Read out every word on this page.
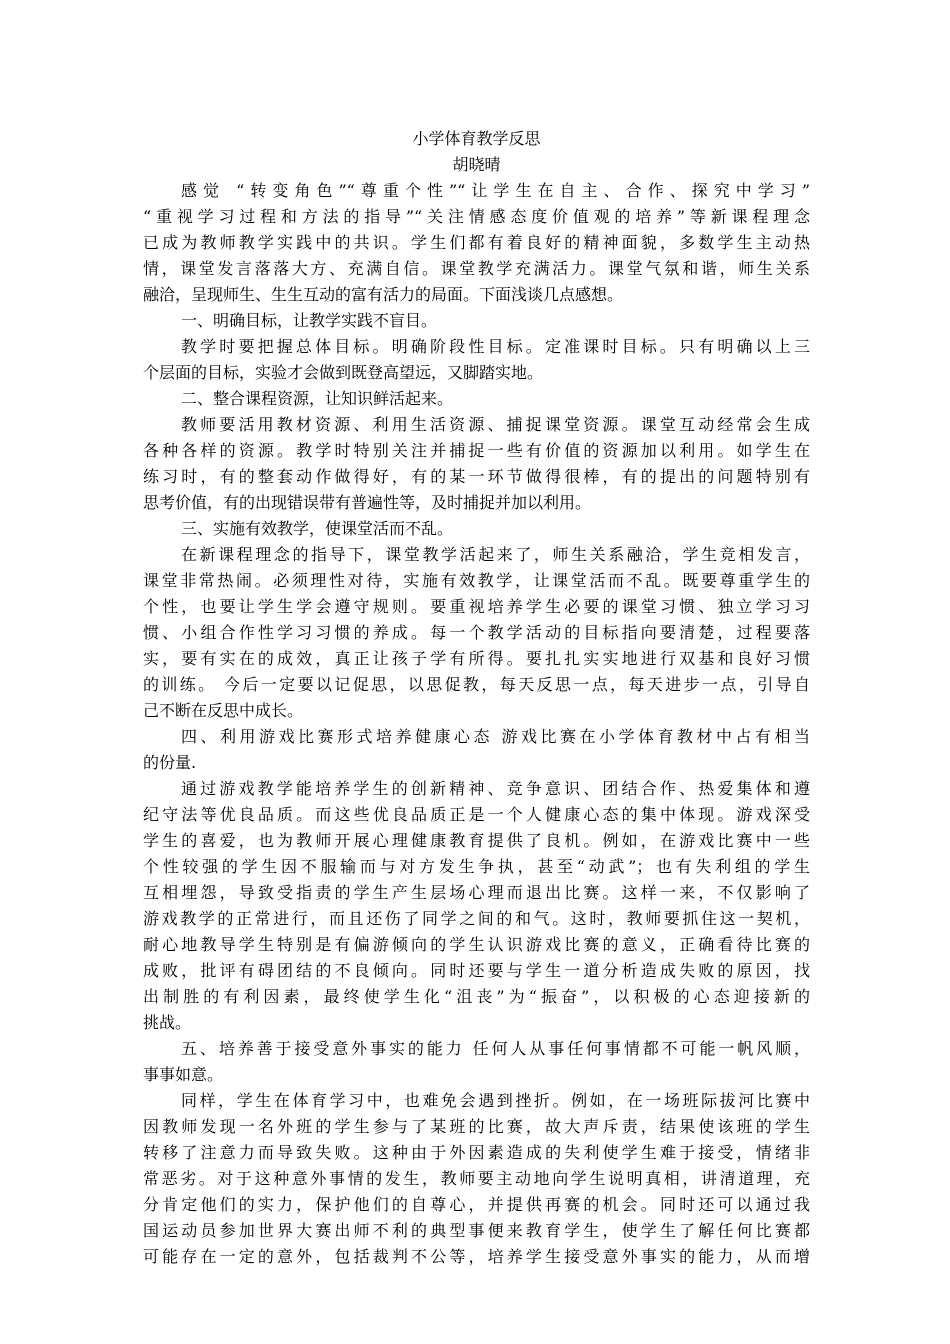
小学体育教学反思
胡晓晴
感觉 “转变角色”“尊重个性”“让学生在自主、合作、探究中学习”
“重视学习过程和方法的指导”“关注情感态度价值观的培养”等新课程理念
已成为教师教学实践中的共识。学生们都有着良好的精神面貌，多数学生主动热
情，课堂发言落落大方、充满自信。课堂教学充满活力。课堂气氛和谐，师生关系
融洽，呈现师生、生生互动的富有活力的局面。下面浅谈几点感想。
一、明确目标，让教学实践不盲目。
教学时要把握总体目标。明确阶段性目标。定准课时目标。只有明确以上三
个层面的目标，实验才会做到既登高望远，又脚踏实地。
二、整合课程资源，让知识鲜活起来。
教师要活用教材资源、利用生活资源、捕捉课堂资源。课堂互动经常会生成
各种各样的资源。教学时特别关注并捕捉一些有价值的资源加以利用。如学生在
练习时，有的整套动作做得好，有的某一环节做得很棒，有的提出的问题特别有
思考价值，有的出现错误带有普遍性等，及时捕捉并加以利用。
三、实施有效教学，使课堂活而不乱。
在新课程理念的指导下，课堂教学活起来了，师生关系融洽，学生竞相发言，
课堂非常热闹。必须理性对待，实施有效教学，让课堂活而不乱。既要尊重学生的
个性，也要让学生学会遵守规则。要重视培养学生必要的课堂习惯、独立学习习
惯、小组合作性学习习惯的养成。每一个教学活动的目标指向要清楚，过程要落
实，要有实在的成效，真正让孩子学有所得。要扎扎实实地进行双基和良好习惯
的训练。 今后一定要以记促思，以思促教，每天反思一点，每天进步一点，引导自
己不断在反思中成长。
四、利用游戏比赛形式培养健康心态 游戏比赛在小学体育教材中占有相当
的份量.
通过游戏教学能培养学生的创新精神、竞争意识、团结合作、热爱集体和遵
纪守法等优良品质。而这些优良品质正是一个人健康心态的集中体现。游戏深受
学生的喜爱，也为教师开展心理健康教育提供了良机。例如，在游戏比赛中一些
个性较强的学生因不服输而与对方发生争执，甚至“动武”；也有失利组的学生
互相埋怨，导致受指责的学生产生层场心理而退出比赛。这样一来，不仅影响了
游戏教学的正常进行，而且还伤了同学之间的和气。这时，教师要抓住这一契机，
耐心地教导学生特别是有偏游倾向的学生认识游戏比赛的意义，正确看待比赛的
成败，批评有碍团结的不良倾向。同时还要与学生一道分析造成失败的原因，找
出制胜的有利因素，最终使学生化“沮丧”为“振奋”，以积极的心态迎接新的
挑战。
五、培养善于接受意外事实的能力 任何人从事任何事情都不可能一帆风顺，
事事如意。
同样，学生在体育学习中，也难免会遇到挫折。例如，在一场班际拔河比赛中
因教师发现一名外班的学生参与了某班的比赛，故大声斥责，结果使该班的学生
转移了注意力而导致失败。这种由于外因素造成的失利使学生难于接受，情绪非
常恶劣。对于这种意外事情的发生，教师要主动地向学生说明真相，讲清道理，充
分肯定他们的实力，保护他们的自尊心，并提供再赛的机会。同时还可以通过我
国运动员参加世界大赛出师不利的典型事便来教育学生，使学生了解任何比赛都
可能存在一定的意外，包括裁判不公等，培养学生接受意外事实的能力，从而增
